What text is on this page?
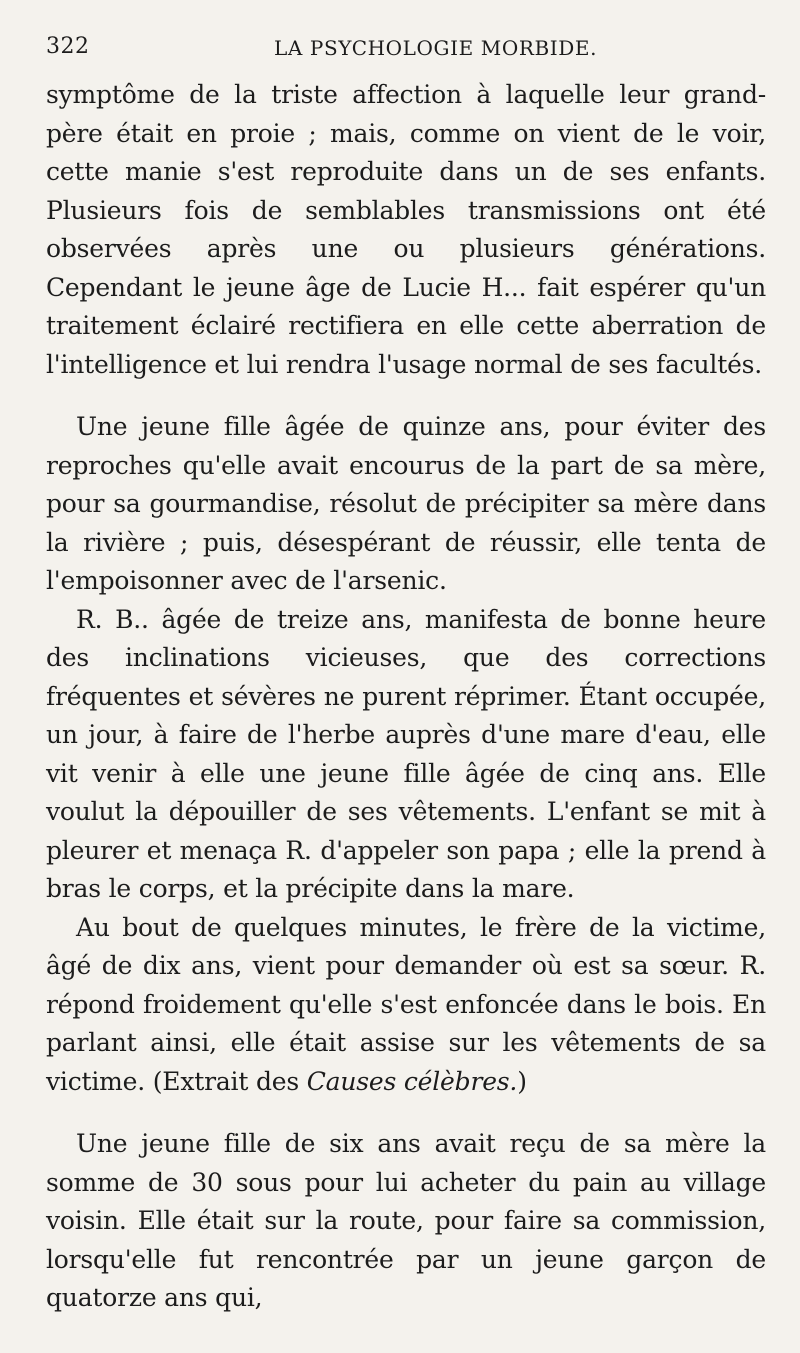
322	LA PSYCHOLOGIE MORBIDE.

symptôme de la triste affection à laquelle leur grand-père était en proie ; mais, comme on vient de le voir, cette manie s'est reproduite dans un de ses enfants. Plusieurs fois de semblables transmissions ont été observées après une ou plusieurs générations. Cependant le jeune âge de Lucie H... fait espérer qu'un traitement éclairé rectifiera en elle cette aberration de l'intelligence et lui rendra l'usage normal de ses facultés.

Une jeune fille âgée de quinze ans, pour éviter des reproches qu'elle avait encourus de la part de sa mère, pour sa gourmandise, résolut de précipiter sa mère dans la rivière ; puis, désespérant de réussir, elle tenta de l'empoisonner avec de l'arsenic.

R. B.. âgée de treize ans, manifesta de bonne heure des inclinations vicieuses, que des corrections fréquentes et sévères ne purent réprimer. Étant occupée, un jour, à faire de l'herbe auprès d'une mare d'eau, elle vit venir à elle une jeune fille âgée de cinq ans. Elle voulut la dépouiller de ses vêtements. L'enfant se mit à pleurer et menaça R. d'appeler son papa ; elle la prend à bras le corps, et la précipite dans la mare.

Au bout de quelques minutes, le frère de la victime, âgé de dix ans, vient pour demander où est sa sœur. R. répond froidement qu'elle s'est enfoncée dans le bois. En parlant ainsi, elle était assise sur les vêtements de sa victime. (Extrait des Causes célèbres.)

Une jeune fille de six ans avait reçu de sa mère la somme de 30 sous pour lui acheter du pain au village voisin. Elle était sur la route, pour faire sa commission, lorsqu'elle fut rencontrée par un jeune garçon de quatorze ans qui,
